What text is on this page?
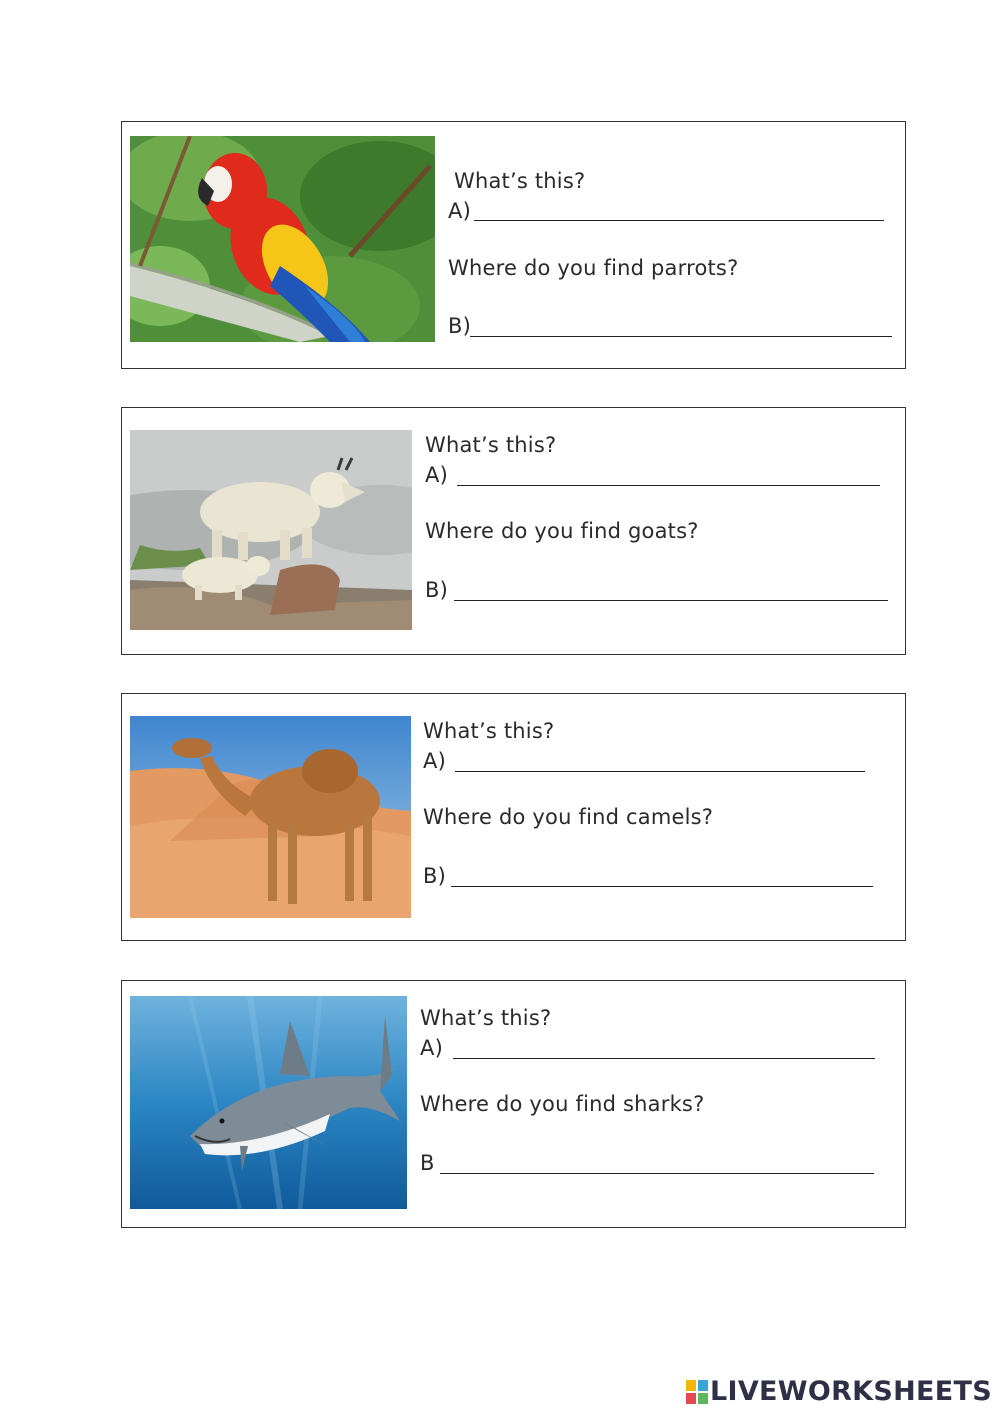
What’s this?
A)
Where do you find parrots?
B)
What’s this?
A)
Where do you find goats?
B)
What’s this?
A)
Where do you find camels?
B)
What’s this?
A)
Where do you find sharks?
B
LIVEWORKSHEETS
